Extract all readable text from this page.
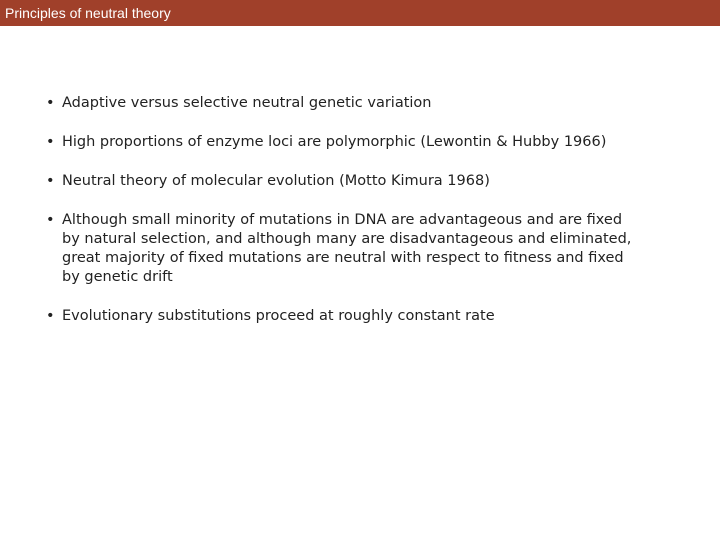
Principles of neutral theory
• Adaptive versus selective neutral genetic variation
• High proportions of enzyme loci are polymorphic (Lewontin & Hubby 1966)
• Neutral theory of molecular evolution (Motto Kimura 1968)
• Although small minority of mutations in DNA are advantageous and are fixed by natural selection, and although many are disadvantageous and eliminated, great majority of fixed mutations are neutral with respect to fitness and fixed by genetic drift
• Evolutionary substitutions proceed at roughly constant rate
